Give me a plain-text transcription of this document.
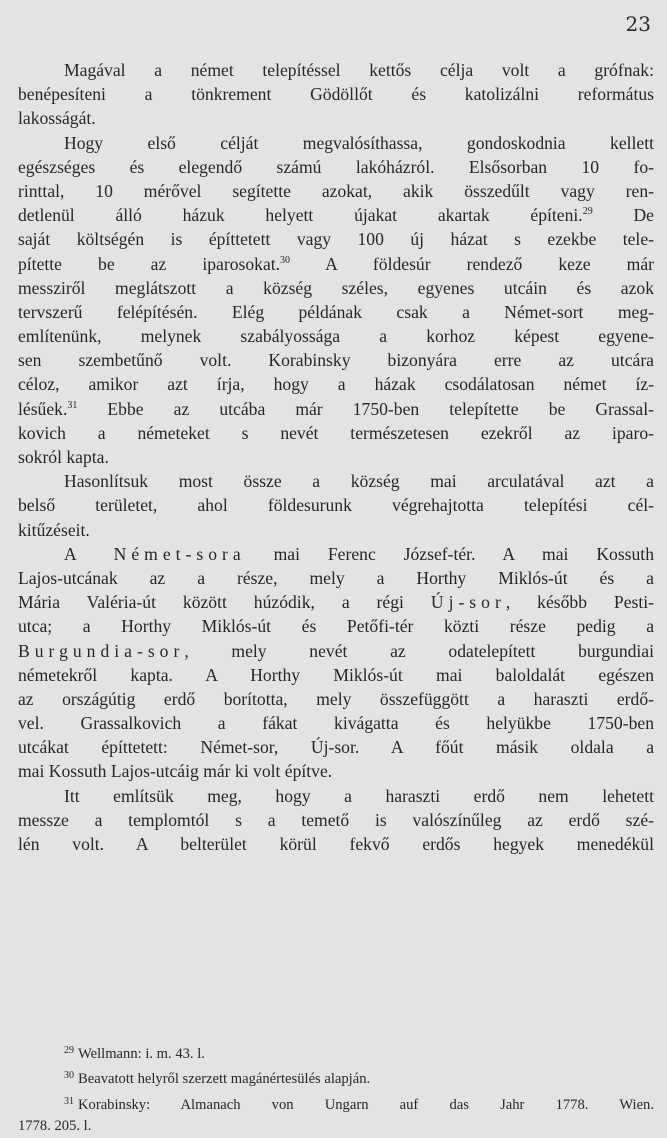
23
Magával a német telepítéssel kettős célja volt a grófnak:
benépesíteni a tönkrement Gödöllőt és katolizálni református
lakosságát.
Hogy első célját megvalósíthassa, gondoskodnia kellett
egészséges és elegendő számú lakóházról. Elsősorban 10 fo-
rinttal, 10 mérővel segítette azokat, akik összedűlt vagy ren-
detlenül álló házuk helyett újakat akartak építeni.$^{29}$ De
saját költségén is építtetett vagy 100 új házat s ezekbe tele-
pítette be az iparosokat.$^{30}$ A földesúr rendező keze már
messziről meglátszott a község széles, egyenes utcáin és azok
tervszerű felépítésén. Elég példának csak a Német-sort meg-
említenünk, melynek szabályossága a korhoz képest egyene-
sen szembetűnő volt. Korabinsky bizonyára erre az utcára
céloz, amikor azt írja, hogy a házak csodálatosan német íz-
lésűek.$^{31}$ Ebbe az utcába már 1750-ben telepítette be Grassal-
kovich a németeket s nevét természetesen ezekről az iparo-
sokról kapta.
Hasonlítsuk most össze a község mai arculatával azt a
belső területet, ahol földesurunk végrehajtotta telepítési cél-
kitűzéseit.
A Német-sora mai Ferenc József-tér. A mai Kossuth
Lajos-utcának az a része, mely a Horthy Miklós-út és a
Mária Valéria-út között húzódik, a régi Új-sor, később Pesti-
utca; a Horthy Miklós-út és Petőfi-tér közti része pedig a
Burgundia-sor, mely nevét az odatelepített burgundiai
németekről kapta. A Horthy Miklós-út mai baloldalát egészen
az országútig erdő borította, mely összefüggött a haraszti erdő-
vel. Grassalkovich a fákat kivágatta és helyükbe 1750-ben
utcákat építtetett: Német-sor, Új-sor. A főút másik oldala a
mai Kossuth Lajos-utcáig már ki volt építve.
Itt említsük meg, hogy a haraszti erdő nem lehetett
messze a templomtól s a temető is valószínűleg az erdő szé-
lén volt. A belterület körül fekvő erdős hegyek menedékül
$^{29}$ Wellmann: i. m. 43. l.
$^{30}$ Beavatott helyről szerzett magánértesülés alapján.
$^{31}$ Korabinsky: Almanach von Ungarn auf das Jahr 1778. Wien.
1778. 205. l.
